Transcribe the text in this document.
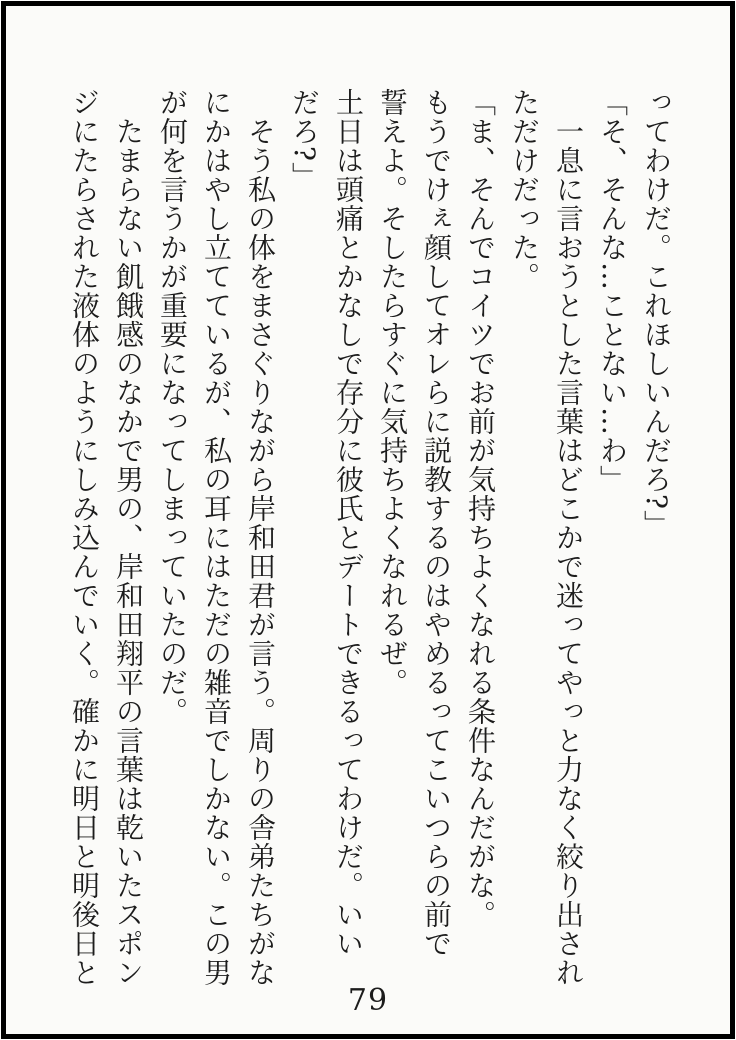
ってわけだ。これほしいんだろ?」
「そ、そんな…ことない…わ」
一息に言おうとした言葉はどこかで迷ってやっと力なく絞り出され
ただけだった。
「ま、そんでコイツでお前が気持ちよくなれる条件なんだがな。
もうでけぇ顔してオレらに説教するのはやめるってこいつらの前で
誓えよ。そしたらすぐに気持ちよくなれるぜ。
土日は頭痛とかなしで存分に彼氏とデートできるってわけだ。いい
だろ?」
そう私の体をまさぐりながら岸和田君が言う。周りの舎弟たちがな
にかはやし立てているが、私の耳にはただの雑音でしかない。この男
が何を言うかが重要になってしまっていたのだ。
たまらない飢餓感のなかで男の、岸和田翔平の言葉は乾いたスポン
ジにたらされた液体のようにしみ込んでいく。確かに明日と明後日と
79
